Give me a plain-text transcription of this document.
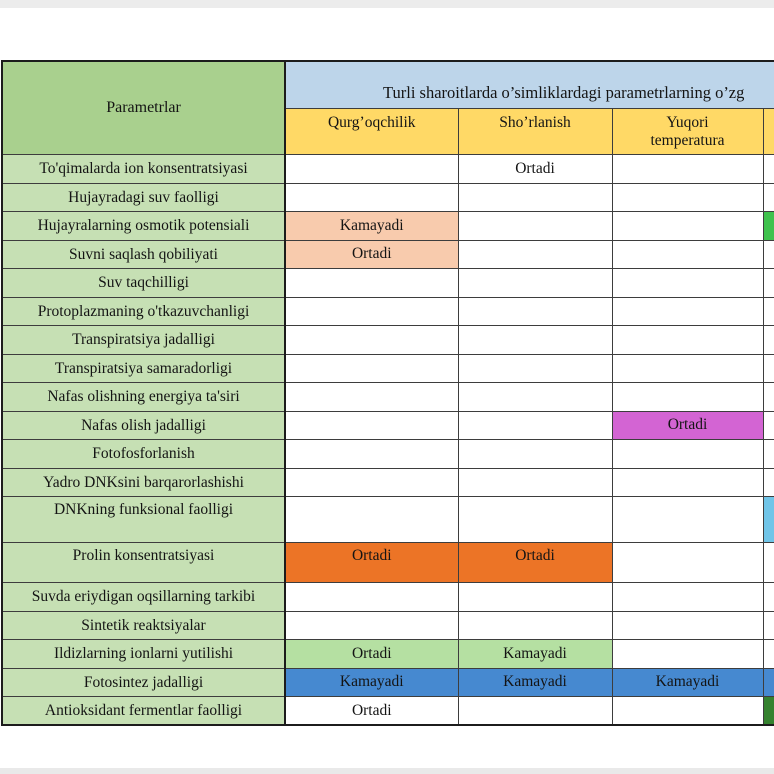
Parametrlar	Turli sharoitlarda o’simliklardagi parametrlarning o’zg			
	Qurg’oqchilik	Sho’rlanish	Yuqori temperatura	
To'qimalarda ion konsentratsiyasi		Ortadi		
Hujayradagi suv faolligi				
Hujayralarning osmotik potensiali	Kamayadi			
Suvni saqlash qobiliyati	Ortadi			
Suv taqchilligi				
Protoplazmaning o'tkazuvchanligi				
Transpiratsiya jadalligi				
Transpiratsiya samaradorligi				
Nafas olishning energiya ta'siri				
Nafas olish jadalligi			Ortadi	
Fotofosforlanish				
Yadro DNKsini barqarorlashishi				
DNKning funksional faolligi				
Prolin konsentratsiyasi	Ortadi	Ortadi		
Suvda eriydigan oqsillarning tarkibi				
Sintetik reaktsiyalar				
Ildizlarning ionlarni yutilishi	Ortadi	Kamayadi		
Fotosintez jadalligi	Kamayadi	Kamayadi	Kamayadi	
Antioksidant fermentlar faolligi	Ortadi			
